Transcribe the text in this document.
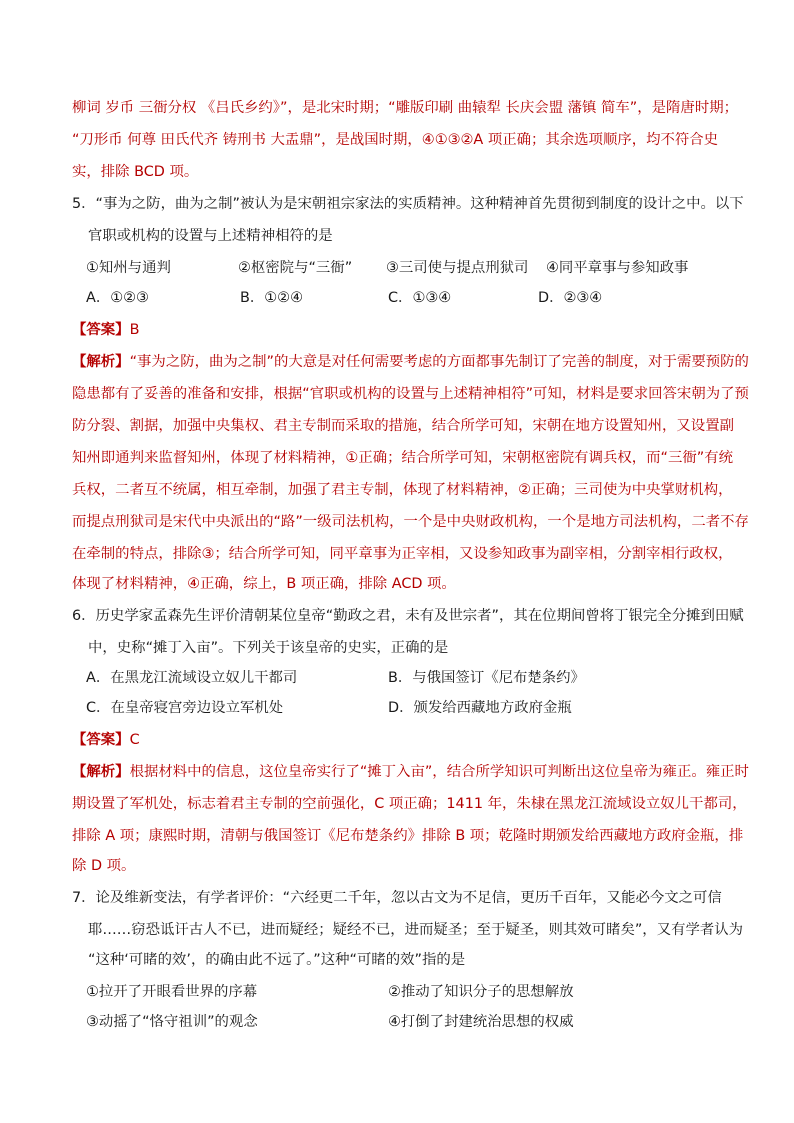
柳词 岁币 三衙分权 《吕氏乡约》”，是北宋时期；“雕版印刷 曲辕犁 长庆会盟 藩镇 简车”，是隋唐时期；
“刀形币 何尊 田氏代齐 铸刑书 大盂鼎”，是战国时期，④①③②A 项正确；其余选项顺序，均不符合史
实，排除 BCD 项。
5．“事为之防，曲为之制”被认为是宋朝祖宗家法的实质精神。这种精神首先贯彻到制度的设计之中。以下
官职或机构的设置与上述精神相符的是
①知州与通判	②枢密院与“三衙” ③三司使与提点刑狱司 ④同平章事与参知政事
A．①②③	B．①②④	C．①③④	D．②③④
【答案】B
【解析】“事为之防，曲为之制”的大意是对任何需要考虑的方面都事先制订了完善的制度，对于需要预防的
隐患都有了妥善的准备和安排，根据“官职或机构的设置与上述精神相符”可知，材料是要求回答宋朝为了预
防分裂、割据，加强中央集权、君主专制而采取的措施，结合所学可知，宋朝在地方设置知州，又设置副
知州即通判来监督知州，体现了材料精神，①正确；结合所学可知，宋朝枢密院有调兵权，而“三衙”有统
兵权，二者互不统属，相互牵制，加强了君主专制，体现了材料精神，②正确；三司使为中央掌财机构，
而提点刑狱司是宋代中央派出的“路”一级司法机构，一个是中央财政机构，一个是地方司法机构，二者不存
在牵制的特点，排除③；结合所学可知，同平章事为正宰相，又设参知政事为副宰相，分割宰相行政权，
体现了材料精神，④正确，综上，B 项正确，排除 ACD 项。
6．历史学家孟森先生评价清朝某位皇帝“勤政之君，未有及世宗者”，其在位期间曾将丁银完全分摊到田赋
中，史称“摊丁入亩”。下列关于该皇帝的史实，正确的是
A．在黑龙江流域设立奴儿干都司	B．与俄国签订《尼布楚条约》
C．在皇帝寝宫旁边设立军机处	D．颁发给西藏地方政府金瓶
【答案】C
【解析】根据材料中的信息，这位皇帝实行了“摊丁入亩”，结合所学知识可判断出这位皇帝为雍正。雍正时
期设置了军机处，标志着君主专制的空前强化，C 项正确；1411 年，朱棣在黑龙江流域设立奴儿干都司，
排除 A 项；康熙时期，清朝与俄国签订《尼布楚条约》排除 B 项；乾隆时期颁发给西藏地方政府金瓶，排
除 D 项。
7．论及维新变法，有学者评价：“六经更二千年，忽以古文为不足信，更历千百年，又能必今文之可信
耶……窃恐诋讦古人不已，进而疑经；疑经不已，进而疑圣；至于疑圣，则其效可睹矣”，又有学者认为
“这种‘可睹的效’，的确由此不远了。”这种“可睹的效”指的是
①拉开了开眼看世界的序幕	②推动了知识分子的思想解放
③动摇了“恪守祖训”的观念	④打倒了封建统治思想的权威
